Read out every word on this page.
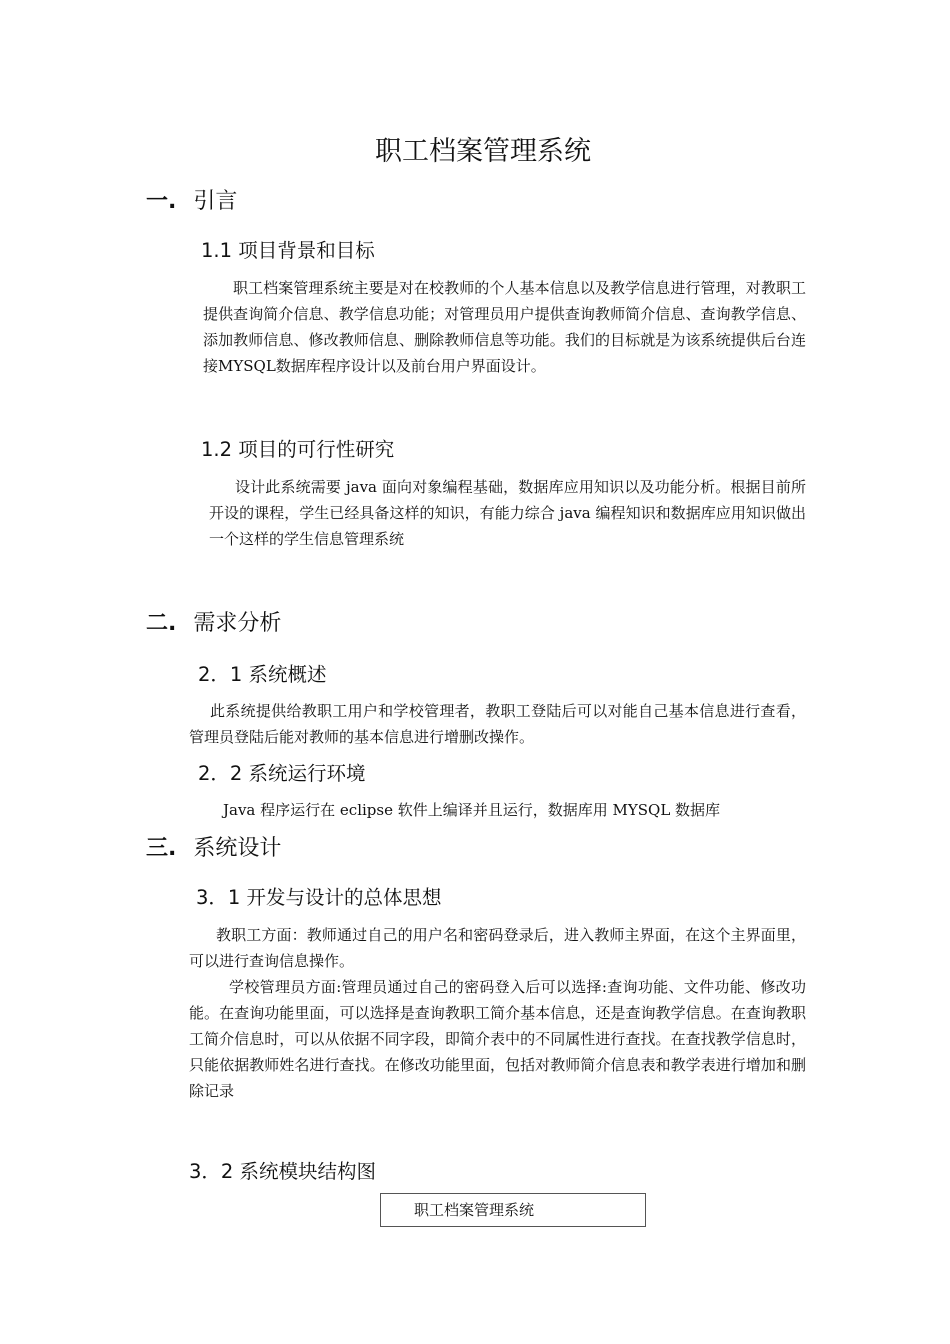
职工档案管理系统
一. 引言
1.1 项目背景和目标

职工档案管理系统主要是对在校教师的个人基本信息以及教学信息进行管理，对教职工提供查询简介信息、教学信息功能；对管理员用户提供查询教师简介信息、查询教学信息、添加教师信息、修改教师信息、删除教师信息等功能。我们的目标就是为该系统提供后台连接MYSQL数据库程序设计以及前台用户界面设计。

1.2 项目的可行性研究

设计此系统需要 java 面向对象编程基础，数据库应用知识以及功能分析。根据目前所开设的课程，学生已经具备这样的知识，有能力综合 java 编程知识和数据库应用知识做出一个这样的学生信息管理系统

二. 需求分析
2．1 系统概述

此系统提供给教职工用户和学校管理者，教职工登陆后可以对能自己基本信息进行查看，管理员登陆后能对教师的基本信息进行增删改操作。

2．2 系统运行环境

Java 程序运行在 eclipse 软件上编译并且运行，数据库用 MYSQL 数据库

三. 系统设计
3．1 开发与设计的总体思想

教职工方面：教师通过自己的用户名和密码登录后，进入教师主界面，在这个主界面里，可以进行查询信息操作。

学校管理员方面:管理员通过自己的密码登入后可以选择:查询功能、文件功能、修改功能。在查询功能里面，可以选择是查询教职工简介基本信息，还是查询教学信息。在查询教职工简介信息时，可以从依据不同字段，即简介表中的不同属性进行查找。在查找教学信息时，只能依据教师姓名进行查找。在修改功能里面，包括对教师简介信息表和教学表进行增加和删除记录

3．2 系统模块结构图
职工档案管理系统
